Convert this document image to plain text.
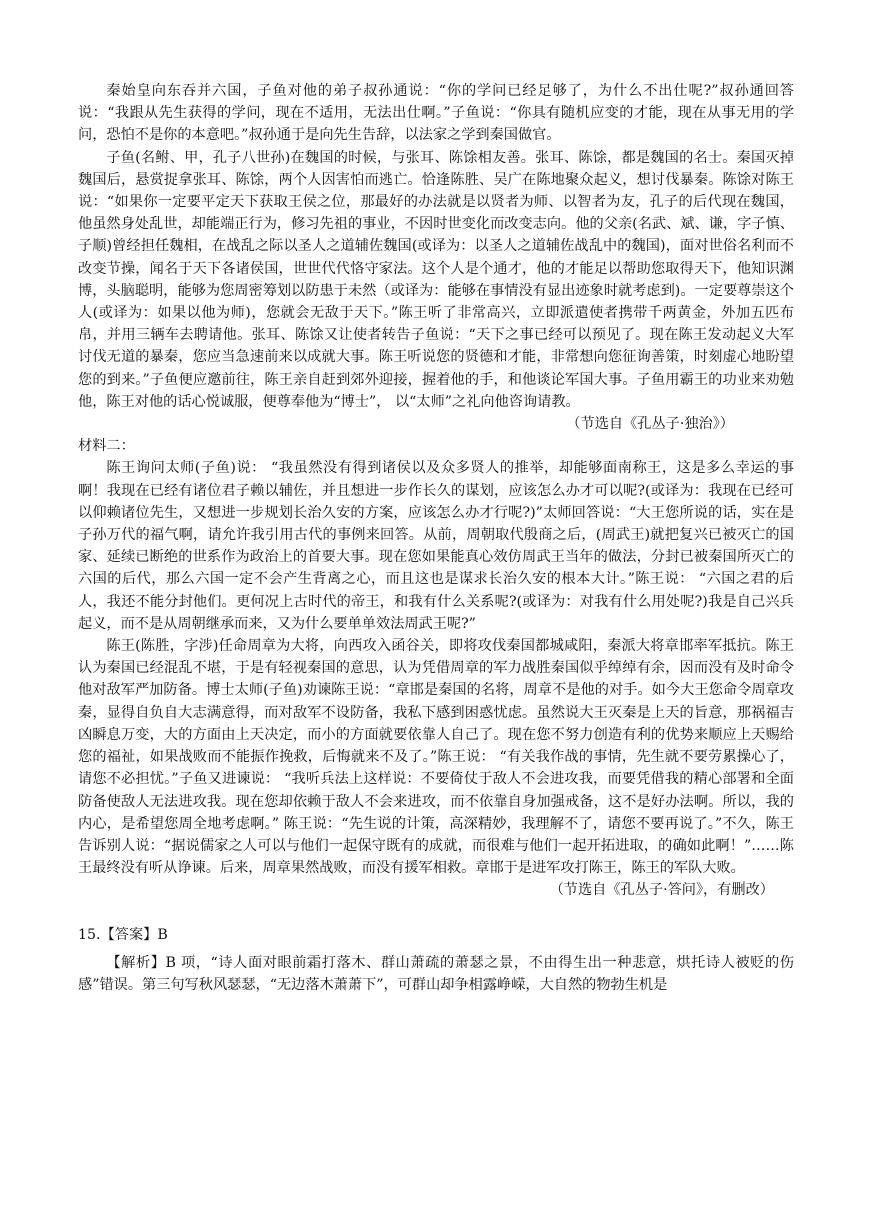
秦始皇向东吞并六国，子鱼对他的弟子叔孙通说：“你的学问已经足够了，为什么不出仕呢?”叔孙通回答说：“我跟从先生获得的学问，现在不适用，无法出仕啊。”子鱼说：“你具有随机应变的才能，现在从事无用的学问，恐怕不是你的本意吧。”叔孙通于是向先生告辞，以法家之学到秦国做官。

子鱼(名鲋、甲，孔子八世孙)在魏国的时候，与张耳、陈馀相友善。张耳、陈馀，都是魏国的名士。秦国灭掉魏国后，悬赏捉拿张耳、陈馀，两个人因害怕而逃亡。恰逢陈胜、吴广在陈地聚众起义，想讨伐暴秦。陈馀对陈王说：“如果你一定要平定天下获取王侯之位，那最好的办法就是以贤者为师、以智者为友，孔子的后代现在魏国，他虽然身处乱世，却能端正行为，修习先祖的事业，不因时世变化而改变志向。他的父亲(名武、斌、谦，字子慎、子顺)曾经担任魏相，在战乱之际以圣人之道辅佐魏国(或译为：以圣人之道辅佐战乱中的魏国)，面对世俗名利而不改变节操，闻名于天下各诸侯国，世世代代恪守家法。这个人是个通才，他的才能足以帮助您取得天下，他知识渊博，头脑聪明，能够为您周密筹划以防患于未然（或译为：能够在事情没有显出迹象时就考虑到)。一定要尊崇这个人(或译为：如果以他为师)，您就会无敌于天下。”陈王听了非常高兴，立即派遣使者携带千两黄金，外加五匹布帛，并用三辆车去聘请他。张耳、陈馀又让使者转告子鱼说：“天下之事已经可以预见了。现在陈王发动起义大军讨伐无道的暴秦，您应当急速前来以成就大事。陈王听说您的贤德和才能，非常想向您征询善策，时刻虚心地盼望您的到来。”子鱼便应邀前往，陈王亲自赶到郊外迎接，握着他的手，和他谈论军国大事。子鱼用霸王的功业来劝勉他，陈王对他的话心悦诚服，便尊奉他为“博士”， 以“太师”之礼向他咨询请教。

（节选自《孔丛子·独治》）

材料二：

陈王询问太师(子鱼)说： “我虽然没有得到诸侯以及众多贤人的推举，却能够面南称王，这是多么幸运的事啊！我现在已经有诸位君子赖以辅佐，并且想进一步作长久的谋划，应该怎么办才可以呢?(或译为：我现在已经可以仰赖诸位先生，又想进一步规划长治久安的方案，应该怎么办才行呢?)”太师回答说：“大王您所说的话，实在是子孙万代的福气啊，请允许我引用古代的事例来回答。从前，周朝取代殷商之后，(周武王)就把复兴已被灭亡的国家、延续已断绝的世系作为政治上的首要大事。现在您如果能真心效仿周武王当年的做法，分封已被秦国所灭亡的六国的后代，那么六国一定不会产生背离之心，而且这也是谋求长治久安的根本大计。”陈王说： “六国之君的后人，我还不能分封他们。更何况上古时代的帝王，和我有什么关系呢?(或译为：对我有什么用处呢?)我是自己兴兵起义，而不是从周朝继承而来，又为什么要单单效法周武王呢?”

陈王(陈胜，字涉)任命周章为大将，向西攻入函谷关，即将攻伐秦国都城咸阳，秦派大将章邯率军抵抗。陈王认为秦国已经混乱不堪，于是有轻视秦国的意思，认为凭借周章的军力战胜秦国似乎绰绰有余，因而没有及时命令他对敌军严加防备。博士太师(子鱼)劝谏陈王说：“章邯是秦国的名将，周章不是他的对手。如今大王您命令周章攻秦，显得自负自大志满意得，而对敌军不设防备，我私下感到困惑忧虑。虽然说大王灭秦是上天的旨意，那祸福吉凶瞬息万变，大的方面由上天决定，而小的方面就要依靠人自己了。现在您不努力创造有利的优势来顺应上天赐给您的福祉，如果战败而不能振作挽救，后悔就来不及了。”陈王说： “有关我作战的事情，先生就不要劳累操心了，请您不必担忧。”子鱼又进谏说： “我听兵法上这样说：不要倚仗于敌人不会进攻我，而要凭借我的精心部署和全面防备使敌人无法进攻我。现在您却依赖于敌人不会来进攻，而不依靠自身加强戒备，这不是好办法啊。所以，我的内心，是希望您周全地考虑啊。” 陈王说：“先生说的计策，高深精妙，我理解不了，请您不要再说了。”不久，陈王告诉别人说：“据说儒家之人可以与他们一起保守既有的成就，而很难与他们一起开拓进取，的确如此啊！”……陈王最终没有听从诤谏。后来，周章果然战败，而没有援军相救。章邯于是进军攻打陈王，陈王的军队大败。

（节选自《孔丛子·答问》，有删改）

15.【答案】B

【解析】B 项，“诗人面对眼前霜打落木、群山萧疏的萧瑟之景，不由得生出一种悲意，烘托诗人被贬的伤感”错误。第三句写秋风瑟瑟，“无边落木萧萧下”，可群山却争相露峥嵘，大自然的物勃生机是
